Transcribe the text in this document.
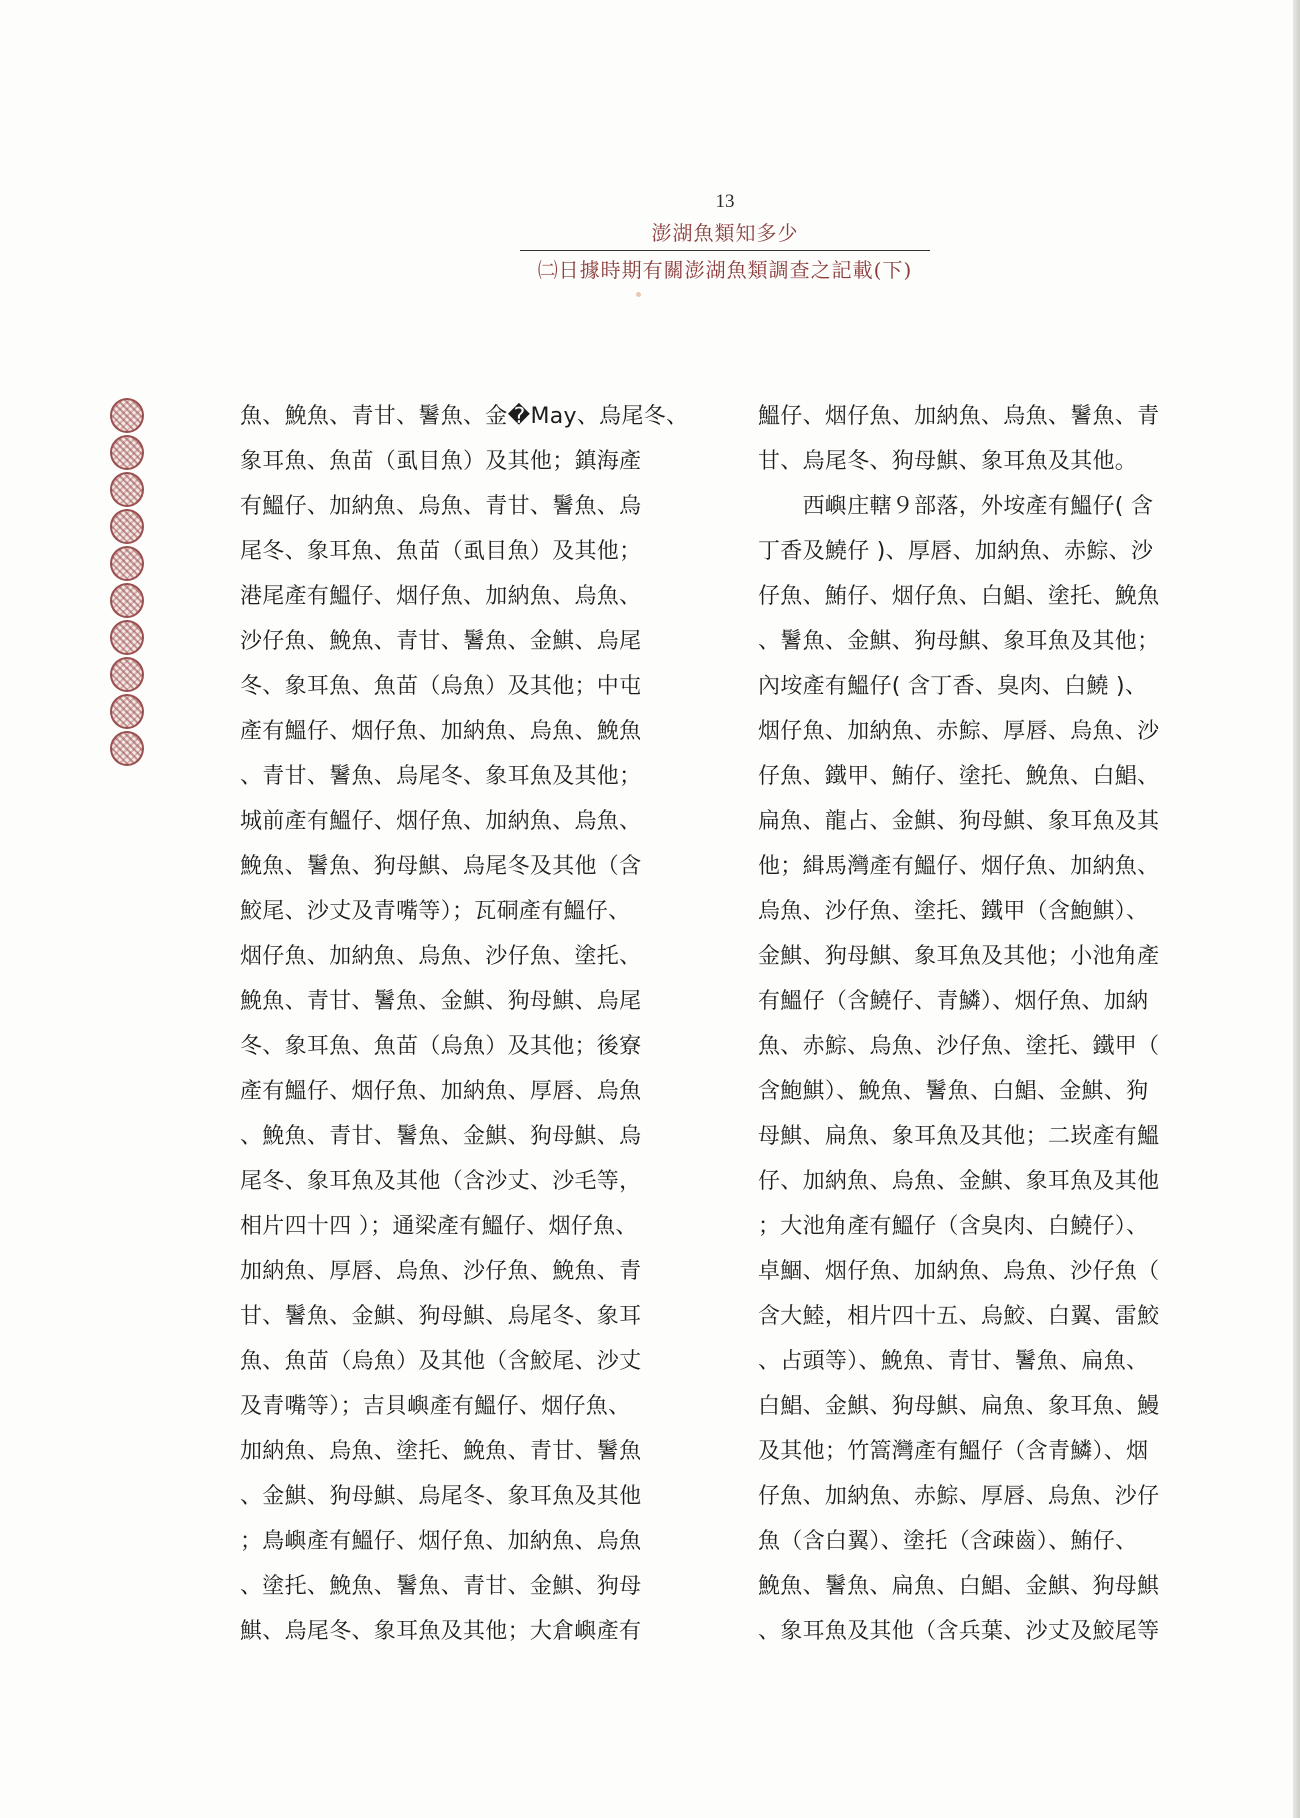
13
澎湖魚類知多少
㈡日據時期有關澎湖魚類調查之記載(下)
魚、鮸魚、青甘、鬐魚、金�May、烏尾冬、
象耳魚、魚苗（虱目魚）及其他；鎮海產
有鰮仔、加納魚、烏魚、青甘、鬐魚、烏
尾冬、象耳魚、魚苗（虱目魚）及其他；
港尾產有鰮仔、烟仔魚、加納魚、烏魚、
沙仔魚、鮸魚、青甘、鬐魚、金鯕、烏尾
冬、象耳魚、魚苗（烏魚）及其他；中屯
產有鰮仔、烟仔魚、加納魚、烏魚、鮸魚
、青甘、鬐魚、烏尾冬、象耳魚及其他；
城前產有鰮仔、烟仔魚、加納魚、烏魚、
鮸魚、鬐魚、狗母鯕、烏尾冬及其他（含
鮫尾、沙丈及青嘴等）；瓦硐產有鰮仔、
烟仔魚、加納魚、烏魚、沙仔魚、塗托、
鮸魚、青甘、鬐魚、金鯕、狗母鯕、烏尾
冬、象耳魚、魚苗（烏魚）及其他；後寮
產有鰮仔、烟仔魚、加納魚、厚唇、烏魚
、鮸魚、青甘、鬐魚、金鯕、狗母鯕、烏
尾冬、象耳魚及其他（含沙丈、沙毛等，
相片四十四 ）；通梁產有鰮仔、烟仔魚、
加納魚、厚唇、烏魚、沙仔魚、鮸魚、青
甘、鬐魚、金鯕、狗母鯕、烏尾冬、象耳
魚、魚苗（烏魚）及其他（含鮫尾、沙丈
及青嘴等）；吉貝嶼產有鰮仔、烟仔魚、
加納魚、烏魚、塗托、鮸魚、青甘、鬐魚
、金鯕、狗母鯕、烏尾冬、象耳魚及其他
；鳥嶼產有鰮仔、烟仔魚、加納魚、烏魚
、塗托、鮸魚、鬐魚、青甘、金鯕、狗母
鯕、烏尾冬、象耳魚及其他；大倉嶼產有
鰮仔、烟仔魚、加納魚、烏魚、鬐魚、青
甘、烏尾冬、狗母鯕、象耳魚及其他。
　　西嶼庄轄９部落，外垵產有鰮仔( 含
丁香及鱙仔 )、厚唇、加納魚、赤鯮、沙
仔魚、鮪仔、烟仔魚、白鯧、塗托、鮸魚
、鬐魚、金鯕、狗母鯕、象耳魚及其他；
內垵產有鰮仔( 含丁香、臭肉、白鱙 )、
烟仔魚、加納魚、赤鯮、厚唇、烏魚、沙
仔魚、鐵甲、鮪仔、塗托、鮸魚、白鯧、
扁魚、龍占、金鯕、狗母鯕、象耳魚及其
他；緝馬灣產有鰮仔、烟仔魚、加納魚、
烏魚、沙仔魚、塗托、鐵甲（含鮑鯕）、
金鯕、狗母鯕、象耳魚及其他；小池角產
有鰮仔（含鱙仔、青鱗）、烟仔魚、加納
魚、赤鯮、烏魚、沙仔魚、塗托、鐵甲（
含鮑鯕）、鮸魚、鬐魚、白鯧、金鯕、狗
母鯕、扁魚、象耳魚及其他；二崁產有鰮
仔、加納魚、烏魚、金鯕、象耳魚及其他
；大池角產有鰮仔（含臭肉、白鱙仔）、
卓鯝、烟仔魚、加納魚、烏魚、沙仔魚（
含大鯥，相片四十五、烏鮫、白翼、雷鮫
、占頭等）、鮸魚、青甘、鬐魚、扁魚、
白鯧、金鯕、狗母鯕、扁魚、象耳魚、鰻
及其他；竹篙灣產有鰮仔（含青鱗）、烟
仔魚、加納魚、赤鯮、厚唇、烏魚、沙仔
魚（含白翼）、塗托（含疎齒）、鮪仔、
鮸魚、鬐魚、扁魚、白鯧、金鯕、狗母鯕
、象耳魚及其他（含兵葉、沙丈及鮫尾等
